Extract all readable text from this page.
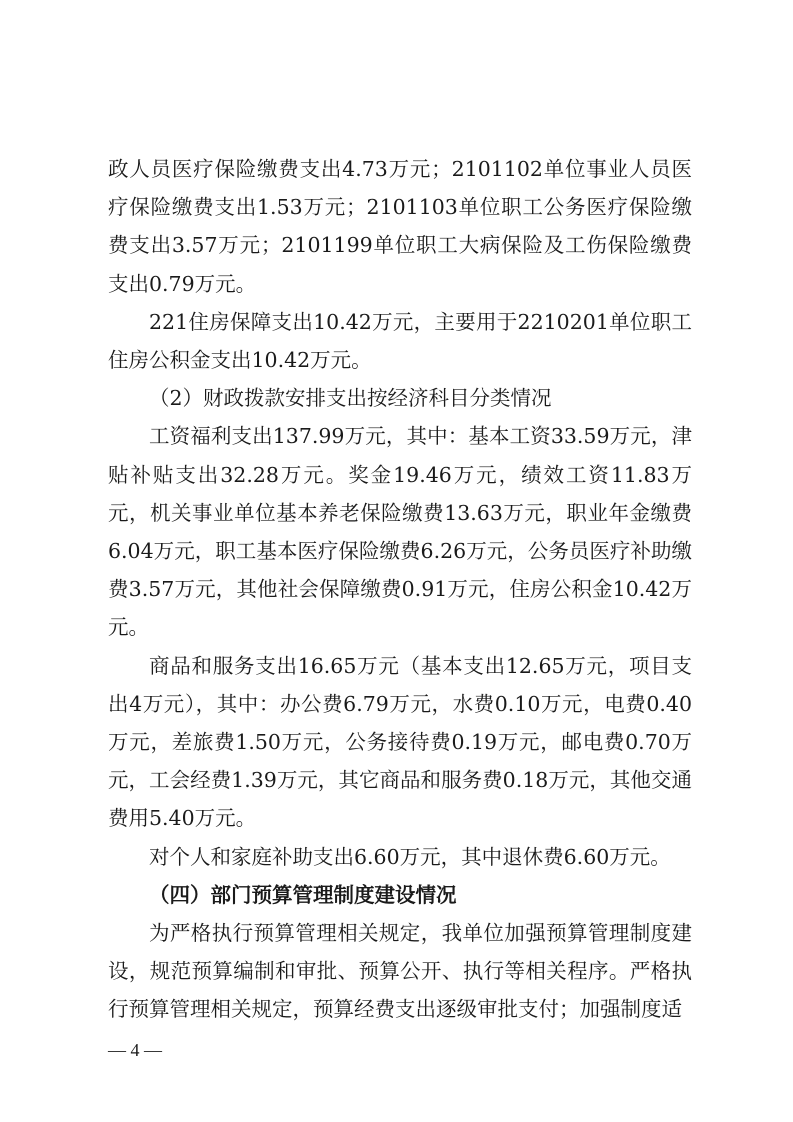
政人员医疗保险缴费支出4.73万元；2101102单位事业人员医疗保险缴费支出1.53万元；2101103单位职工公务医疗保险缴费支出3.57万元；2101199单位职工大病保险及工伤保险缴费支出0.79万元。

221住房保障支出10.42万元，主要用于2210201单位职工住房公积金支出10.42万元。

（2）财政拨款安排支出按经济科目分类情况

工资福利支出137.99万元，其中：基本工资33.59万元，津贴补贴支出32.28万元。奖金19.46万元，绩效工资11.83万元，机关事业单位基本养老保险缴费13.63万元，职业年金缴费6.04万元，职工基本医疗保险缴费6.26万元，公务员医疗补助缴费3.57万元，其他社会保障缴费0.91万元，住房公积金10.42万元。

商品和服务支出16.65万元（基本支出12.65万元，项目支出4万元），其中：办公费6.79万元，水费0.10万元，电费0.40万元，差旅费1.50万元，公务接待费0.19万元，邮电费0.70万元，工会经费1.39万元，其它商品和服务费0.18万元，其他交通费用5.40万元。

对个人和家庭补助支出6.60万元，其中退休费6.60万元。

（四）部门预算管理制度建设情况

为严格执行预算管理相关规定，我单位加强预算管理制度建设，规范预算编制和审批、预算公开、执行等相关程序。严格执行预算管理相关规定，预算经费支出逐级审批支付；加强制度适

— 4 —
